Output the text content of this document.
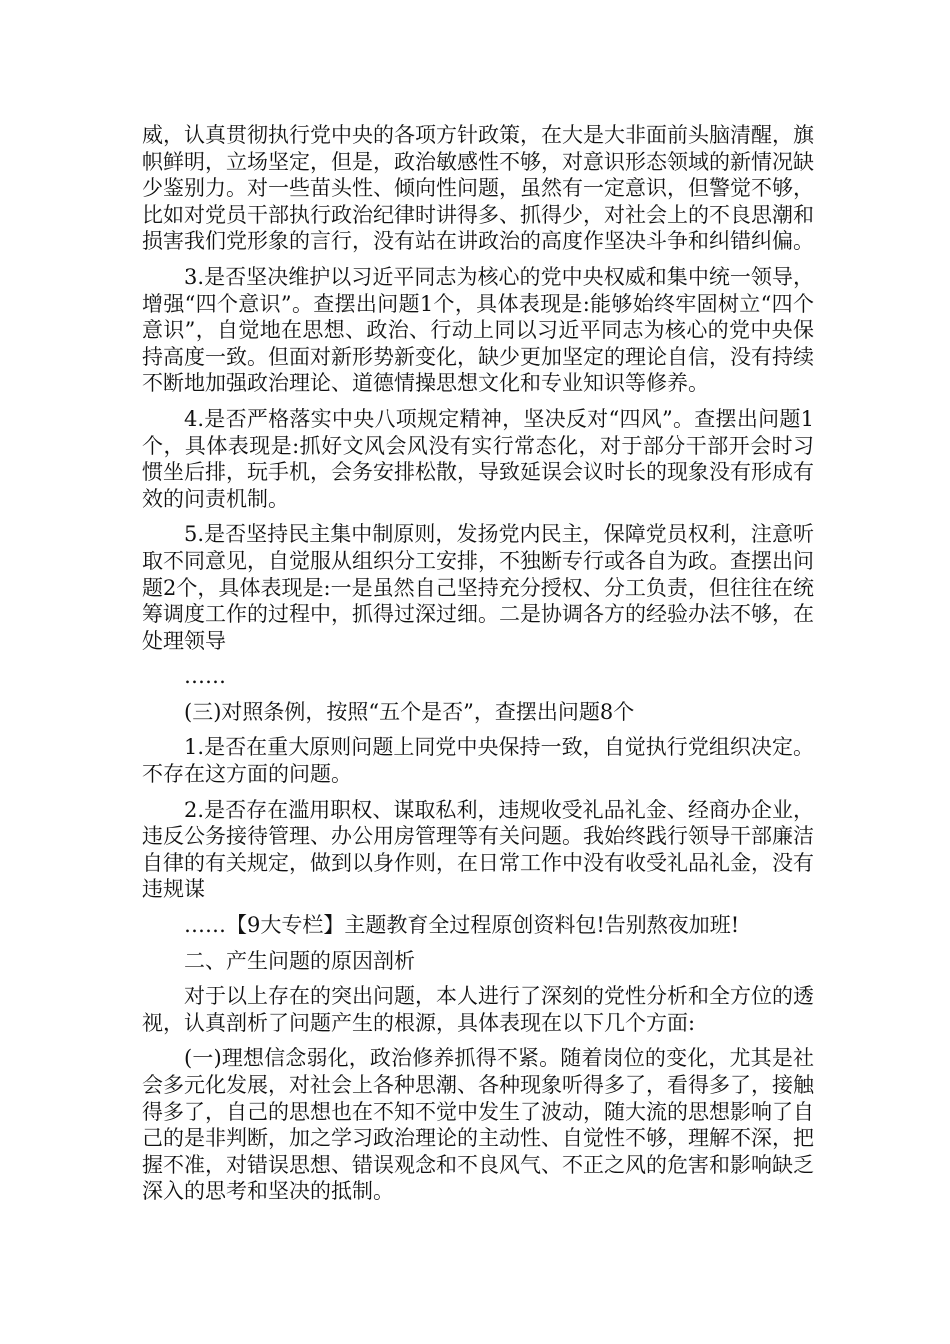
威，认真贯彻执行党中央的各项方针政策，在大是大非面前头脑清醒，旗帜鲜明，立场坚定，但是，政治敏感性不够，对意识形态领域的新情况缺少鉴别力。对一些苗头性、倾向性问题，虽然有一定意识，但警觉不够，比如对党员干部执行政治纪律时讲得多、抓得少，对社会上的不良思潮和损害我们党形象的言行，没有站在讲政治的高度作坚决斗争和纠错纠偏。

3.是否坚决维护以习近平同志为核心的党中央权威和集中统一领导，增强“四个意识”。查摆出问题1个，具体表现是:能够始终牢固树立“四个意识”，自觉地在思想、政治、行动上同以习近平同志为核心的党中央保持高度一致。但面对新形势新变化，缺少更加坚定的理论自信，没有持续不断地加强政治理论、道德情操思想文化和专业知识等修养。

4.是否严格落实中央八项规定精神，坚决反对“四风”。查摆出问题1个，具体表现是:抓好文风会风没有实行常态化，对于部分干部开会时习惯坐后排，玩手机，会务安排松散，导致延误会议时长的现象没有形成有效的问责机制。

5.是否坚持民主集中制原则，发扬党内民主，保障党员权利，注意听取不同意见，自觉服从组织分工安排，不独断专行或各自为政。查摆出问题2个，具体表现是:一是虽然自己坚持充分授权、分工负责，但往往在统筹调度工作的过程中，抓得过深过细。二是协调各方的经验办法不够，在处理领导

……

(三)对照条例，按照“五个是否”，查摆出问题8个

1.是否在重大原则问题上同党中央保持一致，自觉执行党组织决定。不存在这方面的问题。

2.是否存在滥用职权、谋取私利，违规收受礼品礼金、经商办企业，违反公务接待管理、办公用房管理等有关问题。我始终践行领导干部廉洁自律的有关规定，做到以身作则，在日常工作中没有收受礼品礼金，没有违规谋

……【9大专栏】主题教育全过程原创资料包!告别熬夜加班!

二、产生问题的原因剖析

对于以上存在的突出问题，本人进行了深刻的党性分析和全方位的透视，认真剖析了问题产生的根源，具体表现在以下几个方面:

(一)理想信念弱化，政治修养抓得不紧。随着岗位的变化，尤其是社会多元化发展，对社会上各种思潮、各种现象听得多了，看得多了，接触得多了，自己的思想也在不知不觉中发生了波动，随大流的思想影响了自己的是非判断，加之学习政治理论的主动性、自觉性不够，理解不深，把握不准，对错误思想、错误观念和不良风气、不正之风的危害和影响缺乏深入的思考和坚决的抵制。
